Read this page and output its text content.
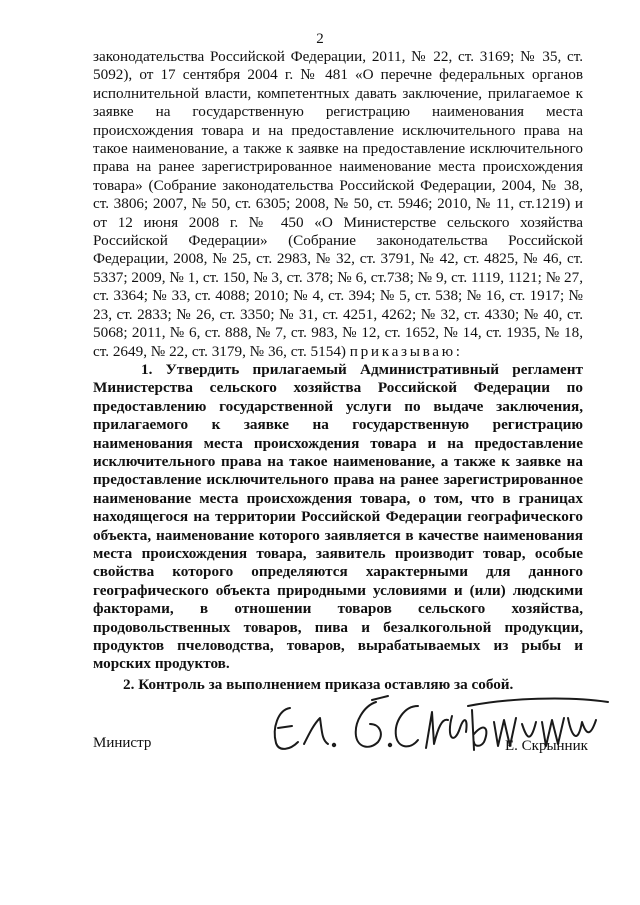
2

законодательства Российской Федерации, 2011, № 22, ст. 3169; № 35, ст. 5092), от 17 сентября 2004 г. № 481 «О перечне федеральных органов исполнительной власти, компетентных давать заключение, прилагаемое к заявке на государственную регистрацию наименования места происхождения товара и на предоставление исключительного права на такое наименование, а также к заявке на предоставление исключительного права на ранее зарегистрированное наименование места происхождения товара» (Собрание законодательства Российской Федерации, 2004, № 38, ст. 3806; 2007, № 50, ст. 6305; 2008, № 50, ст. 5946; 2010, № 11, ст.1219) и от 12 июня 2008 г. № 450 «О Министерстве сельского хозяйства Российской Федерации» (Собрание законодательства Российской Федерации, 2008, № 25, ст. 2983, № 32, ст. 3791, № 42, ст. 4825, № 46, ст. 5337; 2009, № 1, ст. 150, № 3, ст. 378; № 6, ст.738; № 9, ст. 1119, 1121; № 27, ст. 3364; № 33, ст. 4088; 2010; № 4, ст. 394; № 5, ст. 538; № 16, ст. 1917; № 23, ст. 2833; № 26, ст. 3350; № 31, ст. 4251, 4262; № 32, ст. 4330; № 40, ст. 5068; 2011, № 6, ст. 888, № 7, ст. 983, № 12, ст. 1652, № 14, ст. 1935, № 18, ст. 2649, № 22, ст. 3179, № 36, ст. 5154) приказываю:

1. Утвердить прилагаемый Административный регламент Министерства сельского хозяйства Российской Федерации по предоставлению государственной услуги по выдаче заключения, прилагаемого к заявке на государственную регистрацию наименования места происхождения товара и на предоставление исключительного права на такое наименование, а также к заявке на предоставление исключительного права на ранее зарегистрированное наименование места происхождения товара, о том, что в границах находящегося на территории Российской Федерации географического объекта, наименование которого заявляется в качестве наименования места происхождения товара, заявитель производит товар, особые свойства которого определяются характерными для данного географического объекта природными условиями и (или) людскими факторами, в отношении товаров сельского хозяйства, продовольственных товаров, пива и безалкогольной продукции, продуктов пчеловодства, товаров, вырабатываемых из рыбы и морских продуктов.

2. Контроль за выполнением приказа оставляю за собой.

Министр	Е. Скрынник
